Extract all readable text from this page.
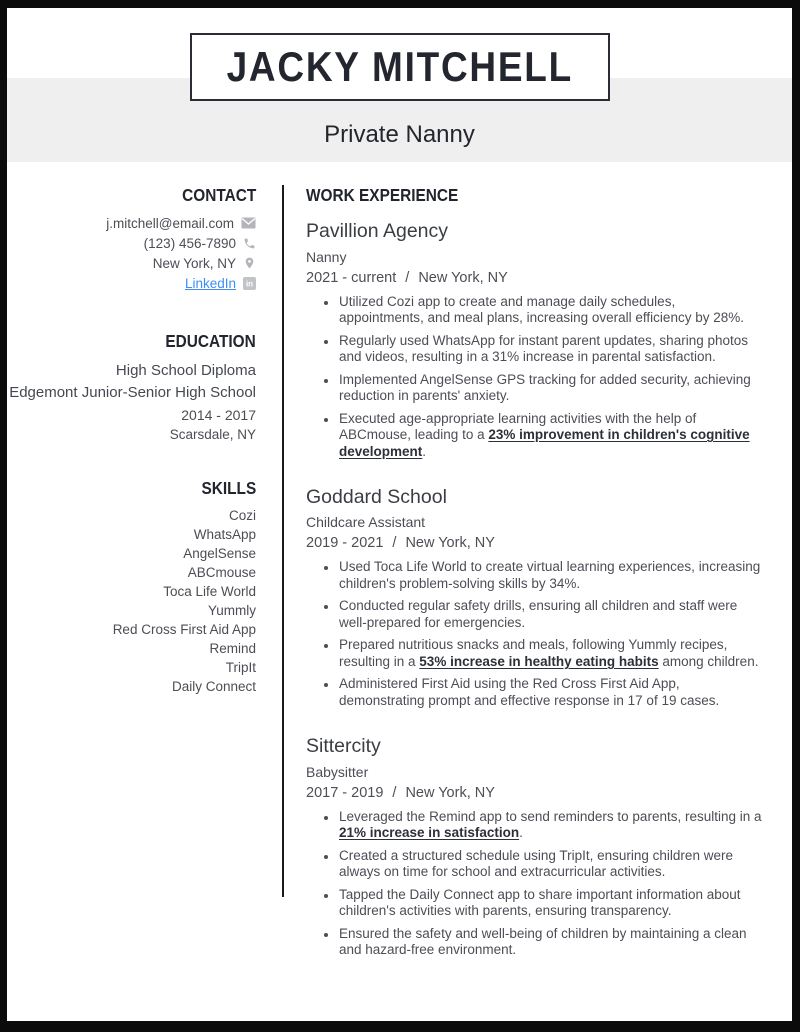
Private Nanny
JACKY MITCHELL
CONTACT
j.mitchell@email.com
(123) 456-7890
New York, NY
LinkedIn in
EDUCATION
High School Diploma
Edgemont Junior-Senior High School
2014 - 2017
Scarsdale, NY
SKILLS
Cozi
WhatsApp
AngelSense
ABCmouse
Toca Life World
Yummly
Red Cross First Aid App
Remind
TripIt
Daily Connect
WORK EXPERIENCE
Pavillion Agency
Nanny
2021 - current / New York, NY
• Utilized Cozi app to create and manage daily schedules, appointments, and meal plans, increasing overall efficiency by 28%.
• Regularly used WhatsApp for instant parent updates, sharing photos and videos, resulting in a 31% increase in parental satisfaction.
• Implemented AngelSense GPS tracking for added security, achieving reduction in parents' anxiety.
• Executed age-appropriate learning activities with the help of ABCmouse, leading to a 23% improvement in children's cognitive development.
Goddard School
Childcare Assistant
2019 - 2021 / New York, NY
• Used Toca Life World to create virtual learning experiences, increasing children's problem-solving skills by 34%.
• Conducted regular safety drills, ensuring all children and staff were well-prepared for emergencies.
• Prepared nutritious snacks and meals, following Yummly recipes, resulting in a 53% increase in healthy eating habits among children.
• Administered First Aid using the Red Cross First Aid App, demonstrating prompt and effective response in 17 of 19 cases.
Sittercity
Babysitter
2017 - 2019 / New York, NY
• Leveraged the Remind app to send reminders to parents, resulting in a 21% increase in satisfaction.
• Created a structured schedule using TripIt, ensuring children were always on time for school and extracurricular activities.
• Tapped the Daily Connect app to share important information about children's activities with parents, ensuring transparency.
• Ensured the safety and well-being of children by maintaining a clean and hazard-free environment.
